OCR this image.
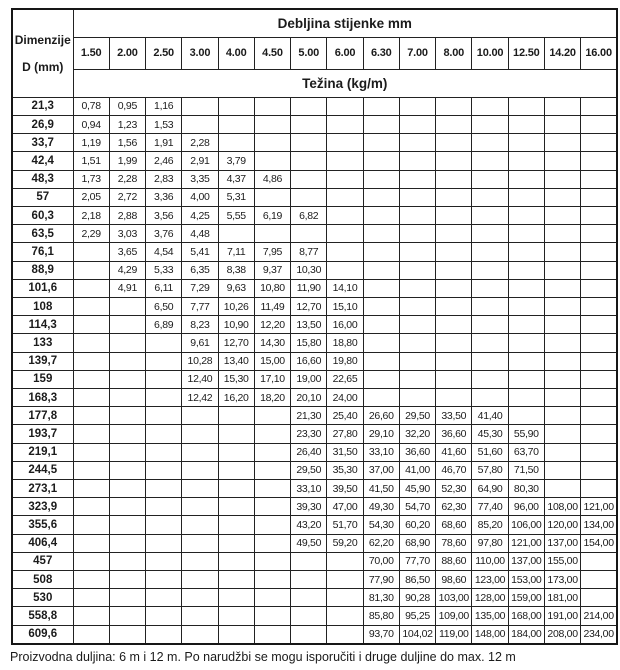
Dimenzije
D (mm)	Debljina stijenke mm														
	1.50	2.00	2.50	3.00	4.00	4.50	5.00	6.00	6.30	7.00	8.00	10.00	12.50	14.20	16.00
	Težina (kg/m)														
21,3	0,78	0,95	1,16												
26,9	0,94	1,23	1,53												
33,7	1,19	1,56	1,91	2,28											
42,4	1,51	1,99	2,46	2,91	3,79										
48,3	1,73	2,28	2,83	3,35	4,37	4,86									
57	2,05	2,72	3,36	4,00	5,31										
60,3	2,18	2,88	3,56	4,25	5,55	6,19	6,82								
63,5	2,29	3,03	3,76	4,48											
76,1		3,65	4,54	5,41	7,11	7,95	8,77								
88,9		4,29	5,33	6,35	8,38	9,37	10,30								
101,6		4,91	6,11	7,29	9,63	10,80	11,90	14,10							
108			6,50	7,77	10,26	11,49	12,70	15,10							
114,3			6,89	8,23	10,90	12,20	13,50	16,00							
133				9,61	12,70	14,30	15,80	18,80							
139,7				10,28	13,40	15,00	16,60	19,80							
159				12,40	15,30	17,10	19,00	22,65							
168,3				12,42	16,20	18,20	20,10	24,00							
177,8							21,30	25,40	26,60	29,50	33,50	41,40			
193,7							23,30	27,80	29,10	32,20	36,60	45,30	55,90		
219,1							26,40	31,50	33,10	36,60	41,60	51,60	63,70		
244,5							29,50	35,30	37,00	41,00	46,70	57,80	71,50		
273,1							33,10	39,50	41,50	45,90	52,30	64,90	80,30		
323,9							39,30	47,00	49,30	54,70	62,30	77,40	96,00	108,00	121,00
355,6							43,20	51,70	54,30	60,20	68,60	85,20	106,00	120,00	134,00
406,4							49,50	59,20	62,20	68,90	78,60	97,80	121,00	137,00	154,00
457									70,00	77,70	88,60	110,00	137,00	155,00	
508									77,90	86,50	98,60	123,00	153,00	173,00	
530									81,30	90,28	103,00	128,00	159,00	181,00	
558,8									85,80	95,25	109,00	135,00	168,00	191,00	214,00
609,6									93,70	104,02	119,00	148,00	184,00	208,00	234,00
Proizvodna duljina: 6 m i 12 m. Po narudžbi se mogu isporučiti i druge duljine do max. 12 m
